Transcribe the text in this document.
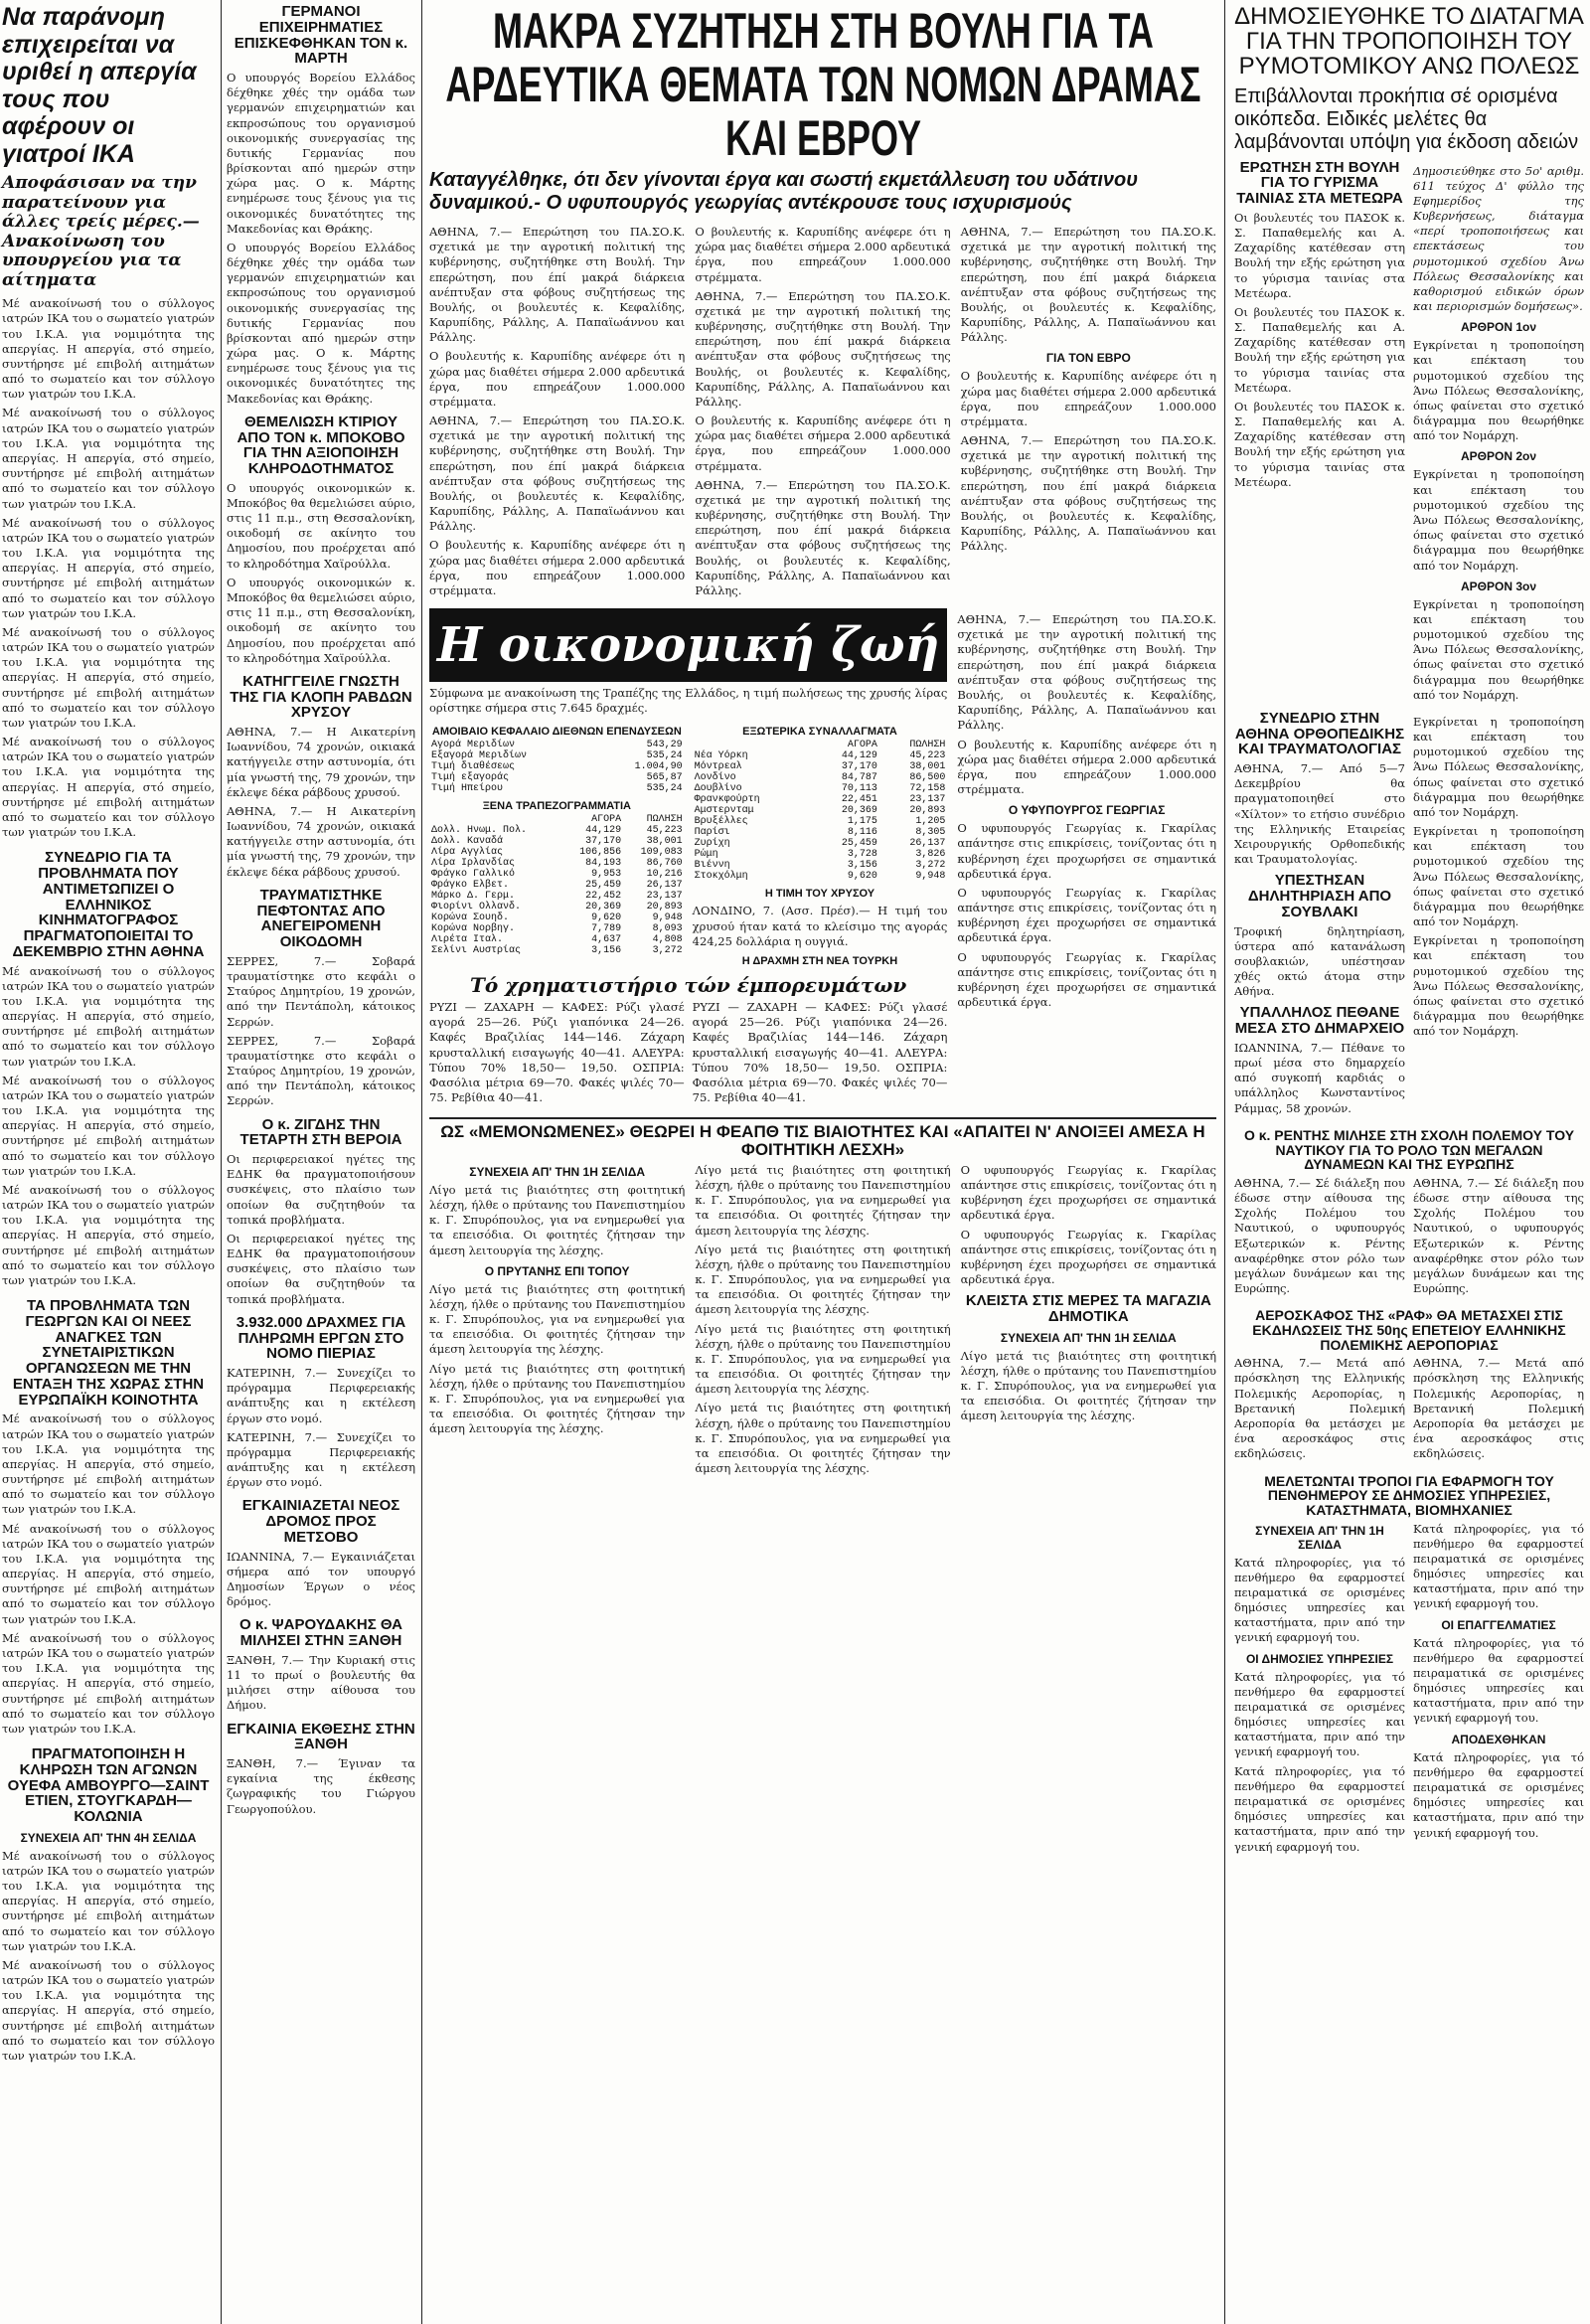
Να παράνομη επιχειρείται να υριθεί η απεργία τους που αφέρουν οι γιατροί ΙΚΑ
Αποφάσισαν να την παρατείνουν για άλλες τρείς μέρες.— Ανακοίνωση του υπουργείου για τα αίτηματα
Μέ ανακοίνωσή του ο σύλλογος ιατρών ΙΚΑ του ο σωματείο γιατρών του Ι.Κ.Α. για νομιμότητα της απεργίας. Η απεργία, στό σημείο, συντήρησε μέ επιβολή αιτημάτων από το σωματείο και τον σύλλογο των γιατρών του Ι.Κ.Α.
Μέ ανακοίνωσή του ο σύλλογος ιατρών ΙΚΑ του ο σωματείο γιατρών του Ι.Κ.Α. για νομιμότητα της απεργίας. Η απεργία, στό σημείο, συντήρησε μέ επιβολή αιτημάτων από το σωματείο και τον σύλλογο των γιατρών του Ι.Κ.Α.
Μέ ανακοίνωσή του ο σύλλογος ιατρών ΙΚΑ του ο σωματείο γιατρών του Ι.Κ.Α. για νομιμότητα της απεργίας. Η απεργία, στό σημείο, συντήρησε μέ επιβολή αιτημάτων από το σωματείο και τον σύλλογο των γιατρών του Ι.Κ.Α.
Μέ ανακοίνωσή του ο σύλλογος ιατρών ΙΚΑ του ο σωματείο γιατρών του Ι.Κ.Α. για νομιμότητα της απεργίας. Η απεργία, στό σημείο, συντήρησε μέ επιβολή αιτημάτων από το σωματείο και τον σύλλογο των γιατρών του Ι.Κ.Α.
Μέ ανακοίνωσή του ο σύλλογος ιατρών ΙΚΑ του ο σωματείο γιατρών του Ι.Κ.Α. για νομιμότητα της απεργίας. Η απεργία, στό σημείο, συντήρησε μέ επιβολή αιτημάτων από το σωματείο και τον σύλλογο των γιατρών του Ι.Κ.Α.
ΣΥΝΕΔΡΙΟ ΓΙΑ ΤΑ ΠΡΟΒΛΗΜΑΤΑ ΠΟΥ ΑΝΤΙΜΕΤΩΠΙΖΕΙ Ο ΕΛΛΗΝΙΚΟΣ ΚΙΝΗΜΑΤΟΓΡΑΦΟΣ ΠΡΑΓΜΑΤΟΠΟΙΕΙΤΑΙ ΤΟ ΔΕΚΕΜΒΡΙΟ ΣΤΗΝ ΑΘΗΝΑ
Μέ ανακοίνωσή του ο σύλλογος ιατρών ΙΚΑ του ο σωματείο γιατρών του Ι.Κ.Α. για νομιμότητα της απεργίας. Η απεργία, στό σημείο, συντήρησε μέ επιβολή αιτημάτων από το σωματείο και τον σύλλογο των γιατρών του Ι.Κ.Α.
Μέ ανακοίνωσή του ο σύλλογος ιατρών ΙΚΑ του ο σωματείο γιατρών του Ι.Κ.Α. για νομιμότητα της απεργίας. Η απεργία, στό σημείο, συντήρησε μέ επιβολή αιτημάτων από το σωματείο και τον σύλλογο των γιατρών του Ι.Κ.Α.
Μέ ανακοίνωσή του ο σύλλογος ιατρών ΙΚΑ του ο σωματείο γιατρών του Ι.Κ.Α. για νομιμότητα της απεργίας. Η απεργία, στό σημείο, συντήρησε μέ επιβολή αιτημάτων από το σωματείο και τον σύλλογο των γιατρών του Ι.Κ.Α.
ΤΑ ΠΡΟΒΛΗΜΑΤΑ ΤΩΝ ΓΕΩΡΓΩΝ ΚΑΙ ΟΙ ΝΕΕΣ ΑΝΑΓΚΕΣ ΤΩΝ ΣΥΝΕΤΑΙΡΙΣΤΙΚΩΝ ΟΡΓΑΝΩΣΕΩΝ ΜΕ ΤΗΝ ΕΝΤΑΞΗ ΤΗΣ ΧΩΡΑΣ ΣΤΗΝ ΕΥΡΩΠΑΪΚΗ ΚΟΙΝΟΤΗΤΑ
Μέ ανακοίνωσή του ο σύλλογος ιατρών ΙΚΑ του ο σωματείο γιατρών του Ι.Κ.Α. για νομιμότητα της απεργίας. Η απεργία, στό σημείο, συντήρησε μέ επιβολή αιτημάτων από το σωματείο και τον σύλλογο των γιατρών του Ι.Κ.Α.
Μέ ανακοίνωσή του ο σύλλογος ιατρών ΙΚΑ του ο σωματείο γιατρών του Ι.Κ.Α. για νομιμότητα της απεργίας. Η απεργία, στό σημείο, συντήρησε μέ επιβολή αιτημάτων από το σωματείο και τον σύλλογο των γιατρών του Ι.Κ.Α.
Μέ ανακοίνωσή του ο σύλλογος ιατρών ΙΚΑ του ο σωματείο γιατρών του Ι.Κ.Α. για νομιμότητα της απεργίας. Η απεργία, στό σημείο, συντήρησε μέ επιβολή αιτημάτων από το σωματείο και τον σύλλογο των γιατρών του Ι.Κ.Α.
ΠΡΑΓΜΑΤΟΠΟΙΗΣΗ Η ΚΛΗΡΩΣΗ ΤΩΝ ΑΓΩΝΩΝ ΟΥΕΦΑ ΑΜΒΟΥΡΓΟ—ΣΑΙΝΤ ΕΤΙΕΝ, ΣΤΟΥΓΚΑΡΔΗ—ΚΟΛΩΝΙΑ
ΣΥΝΕΧΕΙΑ ΑΠ' ΤΗΝ 4Η ΣΕΛΙΔΑ
Μέ ανακοίνωσή του ο σύλλογος ιατρών ΙΚΑ του ο σωματείο γιατρών του Ι.Κ.Α. για νομιμότητα της απεργίας. Η απεργία, στό σημείο, συντήρησε μέ επιβολή αιτημάτων από το σωματείο και τον σύλλογο των γιατρών του Ι.Κ.Α.
Μέ ανακοίνωσή του ο σύλλογος ιατρών ΙΚΑ του ο σωματείο γιατρών του Ι.Κ.Α. για νομιμότητα της απεργίας. Η απεργία, στό σημείο, συντήρησε μέ επιβολή αιτημάτων από το σωματείο και τον σύλλογο των γιατρών του Ι.Κ.Α.
ΓΕΡΜΑΝΟΙ ΕΠΙΧΕΙΡΗΜΑΤΙΕΣ ΕΠΙΣΚΕΦΘΗΚΑΝ ΤΟΝ κ. ΜΑΡΤΗ
Ο υπουργός Βορείου Ελλάδος δέχθηκε χθές την ομάδα των γερμανών επιχειρηματιών και εκπροσώπους του οργανισμού οικονομικής συνεργασίας της δυτικής Γερμανίας που βρίσκονται από ημερών στην χώρα μας. Ο κ. Μάρτης ενημέρωσε τους ξένους για τις οικονομικές δυνατότητες της Μακεδονίας και Θράκης.
Ο υπουργός Βορείου Ελλάδος δέχθηκε χθές την ομάδα των γερμανών επιχειρηματιών και εκπροσώπους του οργανισμού οικονομικής συνεργασίας της δυτικής Γερμανίας που βρίσκονται από ημερών στην χώρα μας. Ο κ. Μάρτης ενημέρωσε τους ξένους για τις οικονομικές δυνατότητες της Μακεδονίας και Θράκης.
ΘΕΜΕΛΙΩΣΗ ΚΤΙΡΙΟΥ ΑΠΟ ΤΟΝ κ. ΜΠΟΚΟΒΟ ΓΙΑ ΤΗΝ ΑΞΙΟΠΟΙΗΣΗ ΚΛΗΡΟΔΟΤΗΜΑΤΟΣ
Ο υπουργός οικονομικών κ. Μποκόβος θα θεμελιώσει αύριο, στις 11 π.μ., στη Θεσσαλονίκη, οικοδομή σε ακίνητο του Δημοσίου, που προέρχεται από το κληροδότημα Χαϊρούλλα.
Ο υπουργός οικονομικών κ. Μποκόβος θα θεμελιώσει αύριο, στις 11 π.μ., στη Θεσσαλονίκη, οικοδομή σε ακίνητο του Δημοσίου, που προέρχεται από το κληροδότημα Χαϊρούλλα.
ΚΑΤΗΓΓΕΙΛΕ ΓΝΩΣΤΗ ΤΗΣ ΓΙΑ ΚΛΟΠΗ ΡΑΒΔΩΝ ΧΡΥΣΟΥ
ΑΘΗΝΑ, 7.— Η Αικατερίνη Ιωαννίδου, 74 χρονών, οικιακά κατήγγειλε στην αστυνομία, ότι μία γνωστή της, 79 χρονών, την έκλεψε δέκα ράβδους χρυσού.
ΑΘΗΝΑ, 7.— Η Αικατερίνη Ιωαννίδου, 74 χρονών, οικιακά κατήγγειλε στην αστυνομία, ότι μία γνωστή της, 79 χρονών, την έκλεψε δέκα ράβδους χρυσού.
ΤΡΑΥΜΑΤΙΣΤΗΚΕ ΠΕΦΤΟΝΤΑΣ ΑΠΟ ΑΝΕΓΕΙΡΟΜΕΝΗ ΟΙΚΟΔΟΜΗ
ΣΕΡΡΕΣ, 7.— Σοβαρά τραυματίστηκε στο κεφάλι ο Σταύρος Δημητρίου, 19 χρονών, από την Πεντάπολη, κάτοικος Σερρών.
ΣΕΡΡΕΣ, 7.— Σοβαρά τραυματίστηκε στο κεφάλι ο Σταύρος Δημητρίου, 19 χρονών, από την Πεντάπολη, κάτοικος Σερρών.
Ο κ. ΖΙΓΔΗΣ ΤΗΝ ΤΕΤΑΡΤΗ ΣΤΗ ΒΕΡΟΙΑ
Οι περιφερειακοί ηγέτες της ΕΔΗΚ θα πραγματοποιήσουν συσκέψεις, στο πλαίσιο των οποίων θα συζητηθούν τα τοπικά προβλήματα.
Οι περιφερειακοί ηγέτες της ΕΔΗΚ θα πραγματοποιήσουν συσκέψεις, στο πλαίσιο των οποίων θα συζητηθούν τα τοπικά προβλήματα.
3.932.000 ΔΡΑΧΜΕΣ ΓΙΑ ΠΛΗΡΩΜΗ ΕΡΓΩΝ ΣΤΟ ΝΟΜΟ ΠΙΕΡΙΑΣ
ΚΑΤΕΡΙΝΗ, 7.— Συνεχίζει το πρόγραμμα Περιφερειακής ανάπτυξης και η εκτέλεση έργων στο νομό.
ΚΑΤΕΡΙΝΗ, 7.— Συνεχίζει το πρόγραμμα Περιφερειακής ανάπτυξης και η εκτέλεση έργων στο νομό.
ΕΓΚΑΙΝΙΑΖΕΤΑΙ ΝΕΟΣ ΔΡΟΜΟΣ ΠΡΟΣ ΜΕΤΣΟΒΟ
ΙΩΑΝΝΙΝΑ, 7.— Εγκαινιάζεται σήμερα από τον υπουργό Δημοσίων Έργων ο νέος δρόμος.
Ο κ. ΨΑΡΟΥΔΑΚΗΣ ΘΑ ΜΙΛΗΣΕΙ ΣΤΗΝ ΞΑΝΘΗ
ΞΑΝΘΗ, 7.— Την Κυριακή στις 11 το πρωί ο βουλευτής θα μιλήσει στην αίθουσα του Δήμου.
ΕΓΚΑΙΝΙΑ ΕΚΘΕΣΗΣ ΣΤΗΝ ΞΑΝΘΗ
ΞΑΝΘΗ, 7.— Έγιναν τα εγκαίνια της έκθεσης ζωγραφικής του Γιώργου Γεωργοπούλου.
ΜΑΚΡΑ ΣΥΖΗΤΗΣΗ ΣΤΗ ΒΟΥΛΗ ΓΙΑ ΤΑ ΑΡΔΕΥΤΙΚΑ ΘΕΜΑΤΑ ΤΩΝ ΝΟΜΩΝ ΔΡΑΜΑΣ ΚΑΙ ΕΒΡΟΥ
Καταγγέλθηκε, ότι δεν γίνονται έργα και σωστή εκμετάλλευση του υδάτινου δυναμικού.- Ο υφυπουργός γεωργίας αντέκρουσε τους ισχυρισμούς
ΑΘΗΝΑ, 7.— Επερώτηση του ΠΑ.ΣΟ.Κ. σχετικά με την αγροτική πολιτική της κυβέρνησης, συζητήθηκε στη Βουλή. Την επερώτηση, που έπί μακρά διάρκεια ανέπτυξαν στα φόβους συζητήσεως της Βουλής, οι βουλευτές κ. Κεφαλίδης, Καρυπίδης, Ράλλης, Α. Παπαϊωάννου και Ράλλης.
Ο βουλευτής κ. Καρυπίδης ανέφερε ότι η χώρα μας διαθέτει σήμερα 2.000 αρδευτικά έργα, που επηρεάζουν 1.000.000 στρέμματα.
ΑΘΗΝΑ, 7.— Επερώτηση του ΠΑ.ΣΟ.Κ. σχετικά με την αγροτική πολιτική της κυβέρνησης, συζητήθηκε στη Βουλή. Την επερώτηση, που έπί μακρά διάρκεια ανέπτυξαν στα φόβους συζητήσεως της Βουλής, οι βουλευτές κ. Κεφαλίδης, Καρυπίδης, Ράλλης, Α. Παπαϊωάννου και Ράλλης.
Ο βουλευτής κ. Καρυπίδης ανέφερε ότι η χώρα μας διαθέτει σήμερα 2.000 αρδευτικά έργα, που επηρεάζουν 1.000.000 στρέμματα.
Ο βουλευτής κ. Καρυπίδης ανέφερε ότι η χώρα μας διαθέτει σήμερα 2.000 αρδευτικά έργα, που επηρεάζουν 1.000.000 στρέμματα.
ΑΘΗΝΑ, 7.— Επερώτηση του ΠΑ.ΣΟ.Κ. σχετικά με την αγροτική πολιτική της κυβέρνησης, συζητήθηκε στη Βουλή. Την επερώτηση, που έπί μακρά διάρκεια ανέπτυξαν στα φόβους συζητήσεως της Βουλής, οι βουλευτές κ. Κεφαλίδης, Καρυπίδης, Ράλλης, Α. Παπαϊωάννου και Ράλλης.
Ο βουλευτής κ. Καρυπίδης ανέφερε ότι η χώρα μας διαθέτει σήμερα 2.000 αρδευτικά έργα, που επηρεάζουν 1.000.000 στρέμματα.
ΑΘΗΝΑ, 7.— Επερώτηση του ΠΑ.ΣΟ.Κ. σχετικά με την αγροτική πολιτική της κυβέρνησης, συζητήθηκε στη Βουλή. Την επερώτηση, που έπί μακρά διάρκεια ανέπτυξαν στα φόβους συζητήσεως της Βουλής, οι βουλευτές κ. Κεφαλίδης, Καρυπίδης, Ράλλης, Α. Παπαϊωάννου και Ράλλης.
ΑΘΗΝΑ, 7.— Επερώτηση του ΠΑ.ΣΟ.Κ. σχετικά με την αγροτική πολιτική της κυβέρνησης, συζητήθηκε στη Βουλή. Την επερώτηση, που έπί μακρά διάρκεια ανέπτυξαν στα φόβους συζητήσεως της Βουλής, οι βουλευτές κ. Κεφαλίδης, Καρυπίδης, Ράλλης, Α. Παπαϊωάννου και Ράλλης.
ΓΙΑ ΤΟΝ ΕΒΡΟ
Ο βουλευτής κ. Καρυπίδης ανέφερε ότι η χώρα μας διαθέτει σήμερα 2.000 αρδευτικά έργα, που επηρεάζουν 1.000.000 στρέμματα.
ΑΘΗΝΑ, 7.— Επερώτηση του ΠΑ.ΣΟ.Κ. σχετικά με την αγροτική πολιτική της κυβέρνησης, συζητήθηκε στη Βουλή. Την επερώτηση, που έπί μακρά διάρκεια ανέπτυξαν στα φόβους συζητήσεως της Βουλής, οι βουλευτές κ. Κεφαλίδης, Καρυπίδης, Ράλλης, Α. Παπαϊωάννου και Ράλλης.
Η οικονομική ζωή
Σύμφωνα με ανακοίνωση της Τραπέζης της Ελλάδος, η τιμή πωλήσεως της χρυσής λίρας ορίστηκε σήμερα στις 7.645 δραχμές.
ΑΜΟΙΒΑΙΟ ΚΕΦΑΛΑΙΟ ΔΙΕΘΝΩΝ ΕΠΕΝΔΥΣΕΩΝ
Αγορά Μεριδίων	543,29
Εξαγορά Μεριδίων	535,24
Τιμή διαθέσεως	1.004,90
Τιμή εξαγοράς	565,87
Τιμή Ηπείρου	535,24
ΞΕΝΑ ΤΡΑΠΕΖΟΓΡΑΜΜΑΤΙΑ
	ΑΓΟΡΑ	ΠΩΛΗΣΗ
Δολλ. Ηνωμ. Πολ.	44,129	45,223
Δολλ. Καναδά	37,170	38,001
Λίρα Αγγλίας	106,856	109,083
Λίρα Ιρλανδίας	84,193	86,760
Φράγκο Γαλλικό	9,953	10,216
Φράγκο Ελβετ.	25,459	26,137
Μάρκο Δ. Γερμ.	22,452	23,137
Φιορίνι Ολλανδ.	20,369	20,893
Κορώνα Σουηδ.	9,620	9,948
Κορώνα Νορβηγ.	7,789	8,093
Λιρέτα Ιταλ.	4,637	4,808
Σελίνι Αυστρίας	3,156	3,272
ΕΞΩΤΕΡΙΚΑ ΣΥΝΑΛΛΑΓΜΑΤΑ
	ΑΓΟΡΑ	ΠΩΛΗΣΗ
Νέα Υόρκη	44,129	45,223
Μόντρεαλ	37,170	38,001
Λονδίνο	84,787	86,500
Δουβλίνο	70,113	72,158
Φρανκφούρτη	22,451	23,137
Αμστερνταμ	20,369	20,893
Βρυξέλλες	1,175	1,205
Παρίσι	8,116	8,305
Ζυρίχη	25,459	26,137
Ρώμη	3,728	3,826
Βιέννη	3,156	3,272
Στοκχόλμη	9,620	9,948
Η ΤΙΜΗ ΤΟΥ ΧΡΥΣΟΥ
ΛΟΝΔΙΝΟ, 7. (Ασσ. Πρέσ).— Η τιμή του χρυσού ήταν κατά το κλείσιμο της αγοράς 424,25 δολλάρια η ουγγιά.
Η ΔΡΑΧΜΗ ΣΤΗ ΝΕΑ ΤΟΥΡΚΗ
Τό χρηματιστήριο τών έμπορευμάτων
ΡΥΖΙ — ΖΑΧΑΡΗ — ΚΑΦΕΣ: Ρύζι γλασέ αγορά 25—26. Ρύζι γιαπόνικα 24—26. Καφές Βραζιλίας 144—146. Ζάχαρη κρυσταλλική εισαγωγής 40—41. ΑΛΕΥΡΑ: Τύπου 70% 18,50— 19,50. ΟΣΠΡΙΑ: Φασόλια μέτρια 69—70. Φακές ψιλές 70—75. Ρεβίθια 40—41.
ΡΥΖΙ — ΖΑΧΑΡΗ — ΚΑΦΕΣ: Ρύζι γλασέ αγορά 25—26. Ρύζι γιαπόνικα 24—26. Καφές Βραζιλίας 144—146. Ζάχαρη κρυσταλλική εισαγωγής 40—41. ΑΛΕΥΡΑ: Τύπου 70% 18,50— 19,50. ΟΣΠΡΙΑ: Φασόλια μέτρια 69—70. Φακές ψιλές 70—75. Ρεβίθια 40—41.
ΑΘΗΝΑ, 7.— Επερώτηση του ΠΑ.ΣΟ.Κ. σχετικά με την αγροτική πολιτική της κυβέρνησης, συζητήθηκε στη Βουλή. Την επερώτηση, που έπί μακρά διάρκεια ανέπτυξαν στα φόβους συζητήσεως της Βουλής, οι βουλευτές κ. Κεφαλίδης, Καρυπίδης, Ράλλης, Α. Παπαϊωάννου και Ράλλης.
Ο βουλευτής κ. Καρυπίδης ανέφερε ότι η χώρα μας διαθέτει σήμερα 2.000 αρδευτικά έργα, που επηρεάζουν 1.000.000 στρέμματα.
Ο ΥΦΥΠΟΥΡΓΟΣ ΓΕΩΡΓΙΑΣ
Ο υφυπουργός Γεωργίας κ. Γκαρίλας απάντησε στις επικρίσεις, τονίζοντας ότι η κυβέρνηση έχει προχωρήσει σε σημαντικά αρδευτικά έργα.
Ο υφυπουργός Γεωργίας κ. Γκαρίλας απάντησε στις επικρίσεις, τονίζοντας ότι η κυβέρνηση έχει προχωρήσει σε σημαντικά αρδευτικά έργα.
Ο υφυπουργός Γεωργίας κ. Γκαρίλας απάντησε στις επικρίσεις, τονίζοντας ότι η κυβέρνηση έχει προχωρήσει σε σημαντικά αρδευτικά έργα.
ΩΣ «ΜΕΜΟΝΩΜΕΝΕΣ» ΘΕΩΡΕΙ Η ΦΕΑΠΘ ΤΙΣ ΒΙΑΙΟΤΗΤΕΣ ΚΑΙ «ΑΠΑΙΤΕΙ Ν' ΑΝΟΙΞΕΙ ΑΜΕΣΑ Η ΦΟΙΤΗΤΙΚΗ ΛΕΣΧΗ»
ΣΥΝΕΧΕΙΑ ΑΠ' ΤΗΝ 1Η ΣΕΛΙΔΑ
Λίγο μετά τις βιαιότητες στη φοιτητική λέσχη, ήλθε ο πρύτανης του Πανεπιστημίου κ. Γ. Σπυρόπουλος, για να ενημερωθεί για τα επεισόδια. Οι φοιτητές ζήτησαν την άμεση λειτουργία της λέσχης.
Ο ΠΡΥΤΑΝΗΣ ΕΠΙ ΤΟΠΟΥ
Λίγο μετά τις βιαιότητες στη φοιτητική λέσχη, ήλθε ο πρύτανης του Πανεπιστημίου κ. Γ. Σπυρόπουλος, για να ενημερωθεί για τα επεισόδια. Οι φοιτητές ζήτησαν την άμεση λειτουργία της λέσχης.
Λίγο μετά τις βιαιότητες στη φοιτητική λέσχη, ήλθε ο πρύτανης του Πανεπιστημίου κ. Γ. Σπυρόπουλος, για να ενημερωθεί για τα επεισόδια. Οι φοιτητές ζήτησαν την άμεση λειτουργία της λέσχης.
Λίγο μετά τις βιαιότητες στη φοιτητική λέσχη, ήλθε ο πρύτανης του Πανεπιστημίου κ. Γ. Σπυρόπουλος, για να ενημερωθεί για τα επεισόδια. Οι φοιτητές ζήτησαν την άμεση λειτουργία της λέσχης.
Λίγο μετά τις βιαιότητες στη φοιτητική λέσχη, ήλθε ο πρύτανης του Πανεπιστημίου κ. Γ. Σπυρόπουλος, για να ενημερωθεί για τα επεισόδια. Οι φοιτητές ζήτησαν την άμεση λειτουργία της λέσχης.
Λίγο μετά τις βιαιότητες στη φοιτητική λέσχη, ήλθε ο πρύτανης του Πανεπιστημίου κ. Γ. Σπυρόπουλος, για να ενημερωθεί για τα επεισόδια. Οι φοιτητές ζήτησαν την άμεση λειτουργία της λέσχης.
Λίγο μετά τις βιαιότητες στη φοιτητική λέσχη, ήλθε ο πρύτανης του Πανεπιστημίου κ. Γ. Σπυρόπουλος, για να ενημερωθεί για τα επεισόδια. Οι φοιτητές ζήτησαν την άμεση λειτουργία της λέσχης.
Ο υφυπουργός Γεωργίας κ. Γκαρίλας απάντησε στις επικρίσεις, τονίζοντας ότι η κυβέρνηση έχει προχωρήσει σε σημαντικά αρδευτικά έργα.
Ο υφυπουργός Γεωργίας κ. Γκαρίλας απάντησε στις επικρίσεις, τονίζοντας ότι η κυβέρνηση έχει προχωρήσει σε σημαντικά αρδευτικά έργα.
ΚΛΕΙΣΤΑ ΣΤΙΣ ΜΕΡΕΣ ΤΑ ΜΑΓΑΖΙΑ ΔΗΜΟΤΙΚΑ
ΣΥΝΕΧΕΙΑ ΑΠ' ΤΗΝ 1Η ΣΕΛΙΔΑ
Λίγο μετά τις βιαιότητες στη φοιτητική λέσχη, ήλθε ο πρύτανης του Πανεπιστημίου κ. Γ. Σπυρόπουλος, για να ενημερωθεί για τα επεισόδια. Οι φοιτητές ζήτησαν την άμεση λειτουργία της λέσχης.
ΔΗΜΟΣΙΕΥΘΗΚΕ ΤΟ ΔΙΑΤΑΓΜΑ ΓΙΑ ΤΗΝ ΤΡΟΠΟΠΟΙΗΣΗ ΤΟΥ ΡΥΜΟΤΟΜΙΚΟΥ ΑΝΩ ΠΟΛΕΩΣ
Επιβάλλονται προκήπια σέ ορισμένα οικόπεδα. Ειδικές μελέτες θα λαμβάνονται υπόψη για έκδοση αδειών
ΕΡΩΤΗΣΗ ΣΤΗ ΒΟΥΛΗ ΓΙΑ ΤΟ ΓΥΡΙΣΜΑ ΤΑΙΝΙΑΣ ΣΤΑ ΜΕΤΕΩΡΑ
Οι βουλευτές του ΠΑΣΟΚ κ. Σ. Παπαθεμελής και Α. Ζαχαρίδης κατέθεσαν στη Βουλή την εξής ερώτηση για το γύρισμα ταινίας στα Μετέωρα.
Οι βουλευτές του ΠΑΣΟΚ κ. Σ. Παπαθεμελής και Α. Ζαχαρίδης κατέθεσαν στη Βουλή την εξής ερώτηση για το γύρισμα ταινίας στα Μετέωρα.
Οι βουλευτές του ΠΑΣΟΚ κ. Σ. Παπαθεμελής και Α. Ζαχαρίδης κατέθεσαν στη Βουλή την εξής ερώτηση για το γύρισμα ταινίας στα Μετέωρα.
Δημοσιεύθηκε στο 5ο' αριθμ. 611 τεύχος Δ' φύλλο της Εφημερίδος της Κυβερνήσεως, διάταγμα «περί τροποποιήσεως και επεκτάσεως του ρυμοτομικού σχεδίου Άνω Πόλεως Θεσσαλονίκης και καθορισμού ειδικών όρων και περιορισμών δομήσεως».
ΑΡΘΡΟΝ 1ον
Εγκρίνεται η τροποποίηση και επέκταση του ρυμοτομικού σχεδίου της Άνω Πόλεως Θεσσαλονίκης, όπως φαίνεται στο σχετικό διάγραμμα που θεωρήθηκε από τον Νομάρχη.
ΑΡΘΡΟΝ 2ον
Εγκρίνεται η τροποποίηση και επέκταση του ρυμοτομικού σχεδίου της Άνω Πόλεως Θεσσαλονίκης, όπως φαίνεται στο σχετικό διάγραμμα που θεωρήθηκε από τον Νομάρχη.
ΑΡΘΡΟΝ 3ον
Εγκρίνεται η τροποποίηση και επέκταση του ρυμοτομικού σχεδίου της Άνω Πόλεως Θεσσαλονίκης, όπως φαίνεται στο σχετικό διάγραμμα που θεωρήθηκε από τον Νομάρχη.
ΣΥΝΕΔΡΙΟ ΣΤΗΝ ΑΘΗΝΑ ΟΡΘΟΠΕΔΙΚΗΣ ΚΑΙ ΤΡΑΥΜΑΤΟΛΟΓΙΑΣ
ΑΘΗΝΑ, 7.— Από 5—7 Δεκεμβρίου θα πραγματοποιηθεί στο «Χίλτον» το ετήσιο συνέδριο της Ελληνικής Εταιρείας Χειρουργικής Ορθοπεδικής και Τραυματολογίας.
ΥΠΕΣΤΗΣΑΝ ΔΗΛΗΤΗΡΙΑΣΗ ΑΠΟ ΣΟΥΒΛΑΚΙ
Τροφική δηλητηρίαση, ύστερα από κατανάλωση σουβλακιών, υπέστησαν χθές οκτώ άτομα στην Αθήνα.
ΥΠΑΛΛΗΛΟΣ ΠΕΘΑΝΕ ΜΕΣΑ ΣΤΟ ΔΗΜΑΡΧΕΙΟ
ΙΩΑΝΝΙΝΑ, 7.— Πέθανε το πρωί μέσα στο δημαρχείο από συγκοπή καρδιάς ο υπάλληλος Κωνσταντίνος Ράμμας, 58 χρονών.
Εγκρίνεται η τροποποίηση και επέκταση του ρυμοτομικού σχεδίου της Άνω Πόλεως Θεσσαλονίκης, όπως φαίνεται στο σχετικό διάγραμμα που θεωρήθηκε από τον Νομάρχη.
Εγκρίνεται η τροποποίηση και επέκταση του ρυμοτομικού σχεδίου της Άνω Πόλεως Θεσσαλονίκης, όπως φαίνεται στο σχετικό διάγραμμα που θεωρήθηκε από τον Νομάρχη.
Εγκρίνεται η τροποποίηση και επέκταση του ρυμοτομικού σχεδίου της Άνω Πόλεως Θεσσαλονίκης, όπως φαίνεται στο σχετικό διάγραμμα που θεωρήθηκε από τον Νομάρχη.
Ο κ. ΡΕΝΤΗΣ ΜΙΛΗΣΕ ΣΤΗ ΣΧΟΛΗ ΠΟΛΕΜΟΥ ΤΟΥ ΝΑΥΤΙΚΟΥ ΓΙΑ ΤΟ ΡΟΛΟ ΤΩΝ ΜΕΓΑΛΩΝ ΔΥΝΑΜΕΩΝ ΚΑΙ ΤΗΣ ΕΥΡΩΠΗΣ
ΑΘΗΝΑ, 7.— Σέ διάλεξη που έδωσε στην αίθουσα της Σχολής Πολέμου του Ναυτικού, ο υφυπουργός Εξωτερικών κ. Ρέντης αναφέρθηκε στον ρόλο των μεγάλων δυνάμεων και της Ευρώπης.
ΑΘΗΝΑ, 7.— Σέ διάλεξη που έδωσε στην αίθουσα της Σχολής Πολέμου του Ναυτικού, ο υφυπουργός Εξωτερικών κ. Ρέντης αναφέρθηκε στον ρόλο των μεγάλων δυνάμεων και της Ευρώπης.
ΑΕΡΟΣΚΑΦΟΣ ΤΗΣ «ΡΑΦ» ΘΑ ΜΕΤΑΣΧΕΙ ΣΤΙΣ ΕΚΔΗΛΩΣΕΙΣ ΤΗΣ 50ης ΕΠΕΤΕΙΟΥ ΕΛΛΗΝΙΚΗΣ ΠΟΛΕΜΙΚΗΣ ΑΕΡΟΠΟΡΙΑΣ
ΑΘΗΝΑ, 7.— Μετά από πρόσκληση της Ελληνικής Πολεμικής Αεροπορίας, η Βρετανική Πολεμική Αεροπορία θα μετάσχει με ένα αεροσκάφος στις εκδηλώσεις.
ΑΘΗΝΑ, 7.— Μετά από πρόσκληση της Ελληνικής Πολεμικής Αεροπορίας, η Βρετανική Πολεμική Αεροπορία θα μετάσχει με ένα αεροσκάφος στις εκδηλώσεις.
ΜΕΛΕΤΩΝΤΑΙ ΤΡΟΠΟΙ ΓΙΑ ΕΦΑΡΜΟΓΗ ΤΟΥ ΠΕΝΘΗΜΕΡΟΥ ΣΕ ΔΗΜΟΣΙΕΣ ΥΠΗΡΕΣΙΕΣ, ΚΑΤΑΣΤΗΜΑΤΑ, ΒΙΟΜΗΧΑΝΙΕΣ
ΣΥΝΕΧΕΙΑ ΑΠ' ΤΗΝ 1Η ΣΕΛΙΔΑ
Κατά πληροφορίες, για τό πενθήμερο θα εφαρμοστεί πειραματικά σε ορισμένες δημόσιες υπηρεσίες και καταστήματα, πριν από την γενική εφαρμογή του.
ΟΙ ΔΗΜΟΣΙΕΣ ΥΠΗΡΕΣΙΕΣ
Κατά πληροφορίες, για τό πενθήμερο θα εφαρμοστεί πειραματικά σε ορισμένες δημόσιες υπηρεσίες και καταστήματα, πριν από την γενική εφαρμογή του.
Κατά πληροφορίες, για τό πενθήμερο θα εφαρμοστεί πειραματικά σε ορισμένες δημόσιες υπηρεσίες και καταστήματα, πριν από την γενική εφαρμογή του.
Κατά πληροφορίες, για τό πενθήμερο θα εφαρμοστεί πειραματικά σε ορισμένες δημόσιες υπηρεσίες και καταστήματα, πριν από την γενική εφαρμογή του.
ΟΙ ΕΠΑΓΓΕΛΜΑΤΙΕΣ
Κατά πληροφορίες, για τό πενθήμερο θα εφαρμοστεί πειραματικά σε ορισμένες δημόσιες υπηρεσίες και καταστήματα, πριν από την γενική εφαρμογή του.
ΑΠΟΔΕΧΘΗΚΑΝ
Κατά πληροφορίες, για τό πενθήμερο θα εφαρμοστεί πειραματικά σε ορισμένες δημόσιες υπηρεσίες και καταστήματα, πριν από την γενική εφαρμογή του.
